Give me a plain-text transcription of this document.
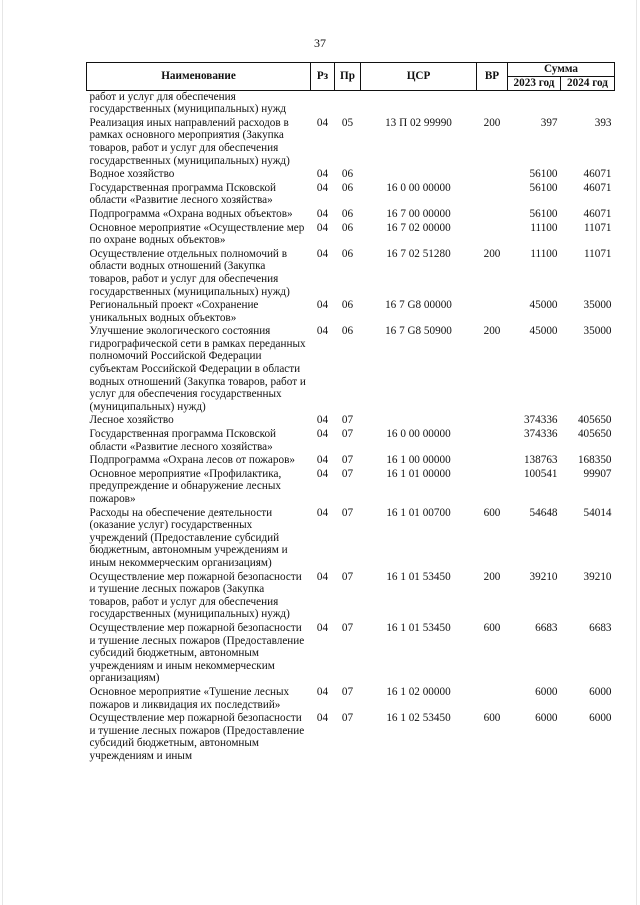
37
Наименование	Рз	Пр	ЦСР	ВР	Сумма	
					2023 год	2024 год
работ и услуг для обеспечения государственных (муниципальных) нужд						
Реализация иных направлений расходов в рамках основного мероприятия (Закупка товаров, работ и услуг для обеспечения государственных (муниципальных) нужд)	04	05	13 П 02 99990	200	397	393
Водное хозяйство	04	06			56100	46071
Государственная программа Псковской области «Развитие лесного хозяйства»	04	06	16 0 00 00000		56100	46071
Подпрограмма «Охрана водных объектов»	04	06	16 7 00 00000		56100	46071
Основное мероприятие «Осуществление мер по охране водных объектов»	04	06	16 7 02 00000		11100	11071
Осуществление отдельных полномочий в области водных отношений (Закупка товаров, работ и услуг для обеспечения государственных (муниципальных) нужд)	04	06	16 7 02 51280	200	11100	11071
Региональный проект «Сохранение уникальных водных объектов»	04	06	16 7 G8 00000		45000	35000
Улучшение экологического состояния гидрографической сети в рамках переданных полномочий Российской Федерации субъектам Российской Федерации в области водных отношений (Закупка товаров, работ и услуг для обеспечения государственных (муниципальных) нужд)	04	06	16 7 G8 50900	200	45000	35000
Лесное хозяйство	04	07			374336	405650
Государственная программа Псковской области «Развитие лесного хозяйства»	04	07	16 0 00 00000		374336	405650
Подпрограмма «Охрана лесов от пожаров»	04	07	16 1 00 00000		138763	168350
Основное мероприятие «Профилактика, предупреждение и обнаружение лесных пожаров»	04	07	16 1 01 00000		100541	99907
Расходы на обеспечение деятельности (оказание услуг) государственных учреждений (Предоставление субсидий бюджетным, автономным учреждениям и иным некоммерческим организациям)	04	07	16 1 01 00700	600	54648	54014
Осуществление мер пожарной безопасности и тушение лесных пожаров (Закупка товаров, работ и услуг для обеспечения государственных (муниципальных) нужд)	04	07	16 1 01 53450	200	39210	39210
Осуществление мер пожарной безопасности и тушение лесных пожаров (Предоставление субсидий бюджетным, автономным учреждениям и иным некоммерческим организациям)	04	07	16 1 01 53450	600	6683	6683
Основное мероприятие «Тушение лесных пожаров и ликвидация их последствий»	04	07	16 1 02 00000		6000	6000
Осуществление мер пожарной безопасности и тушение лесных пожаров (Предоставление субсидий бюджетным, автономным учреждениям и иным	04	07	16 1 02 53450	600	6000	6000
